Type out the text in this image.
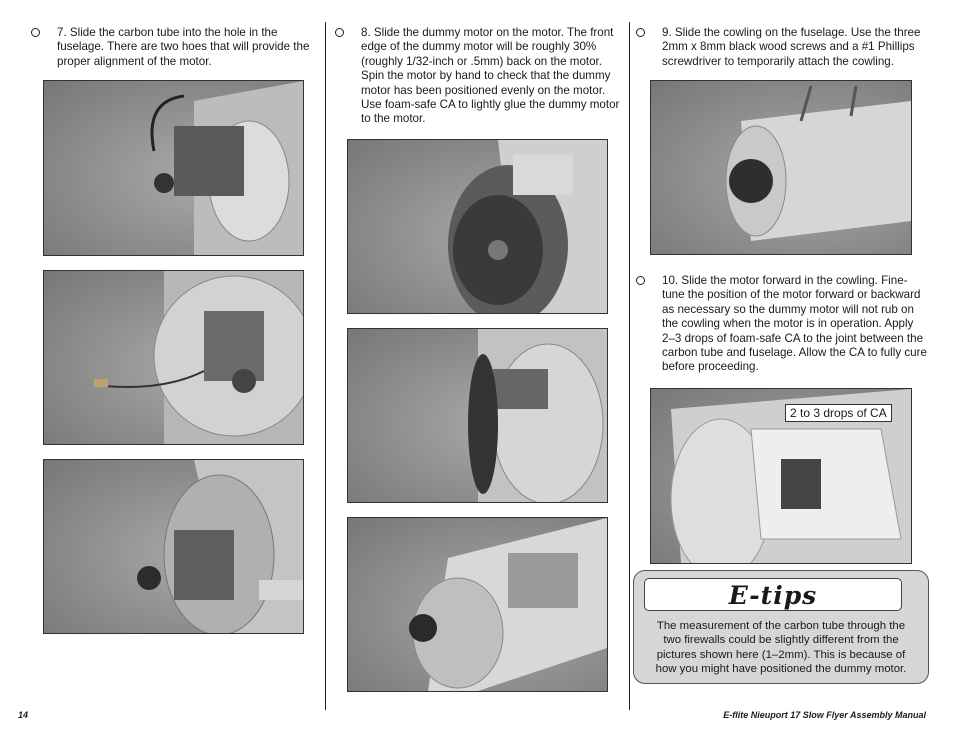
7. Slide the carbon tube into the hole in the fuselage. There are two hoes that will provide the proper alignment of the motor.
8. Slide the dummy motor on the motor. The front edge of the dummy motor will be roughly 30% (roughly 1/32-inch or .5mm) back on the motor. Spin the motor by hand to check that the dummy motor has been positioned evenly on the motor. Use foam-safe CA to lightly glue the dummy motor to the motor.
9. Slide the cowling on the fuselage. Use the three 2mm x 8mm black wood screws and a #1 Phillips screwdriver to temporarily attach the cowling.
10. Slide the motor forward in the cowling. Fine-tune the position of the motor forward or backward as necessary so the dummy motor will not rub on the cowling when the motor is in operation. Apply 2–3 drops of foam-safe CA to the joint between the carbon tube and fuselage. Allow the CA to fully cure before proceeding.
2 to 3 drops of CA
E-tips
The measurement of the carbon tube through the two firewalls could be slightly different from the pictures shown here (1–2mm). This is because of how you might have positioned the dummy motor.
14	E-flite Nieuport 17 Slow Flyer Assembly Manual
